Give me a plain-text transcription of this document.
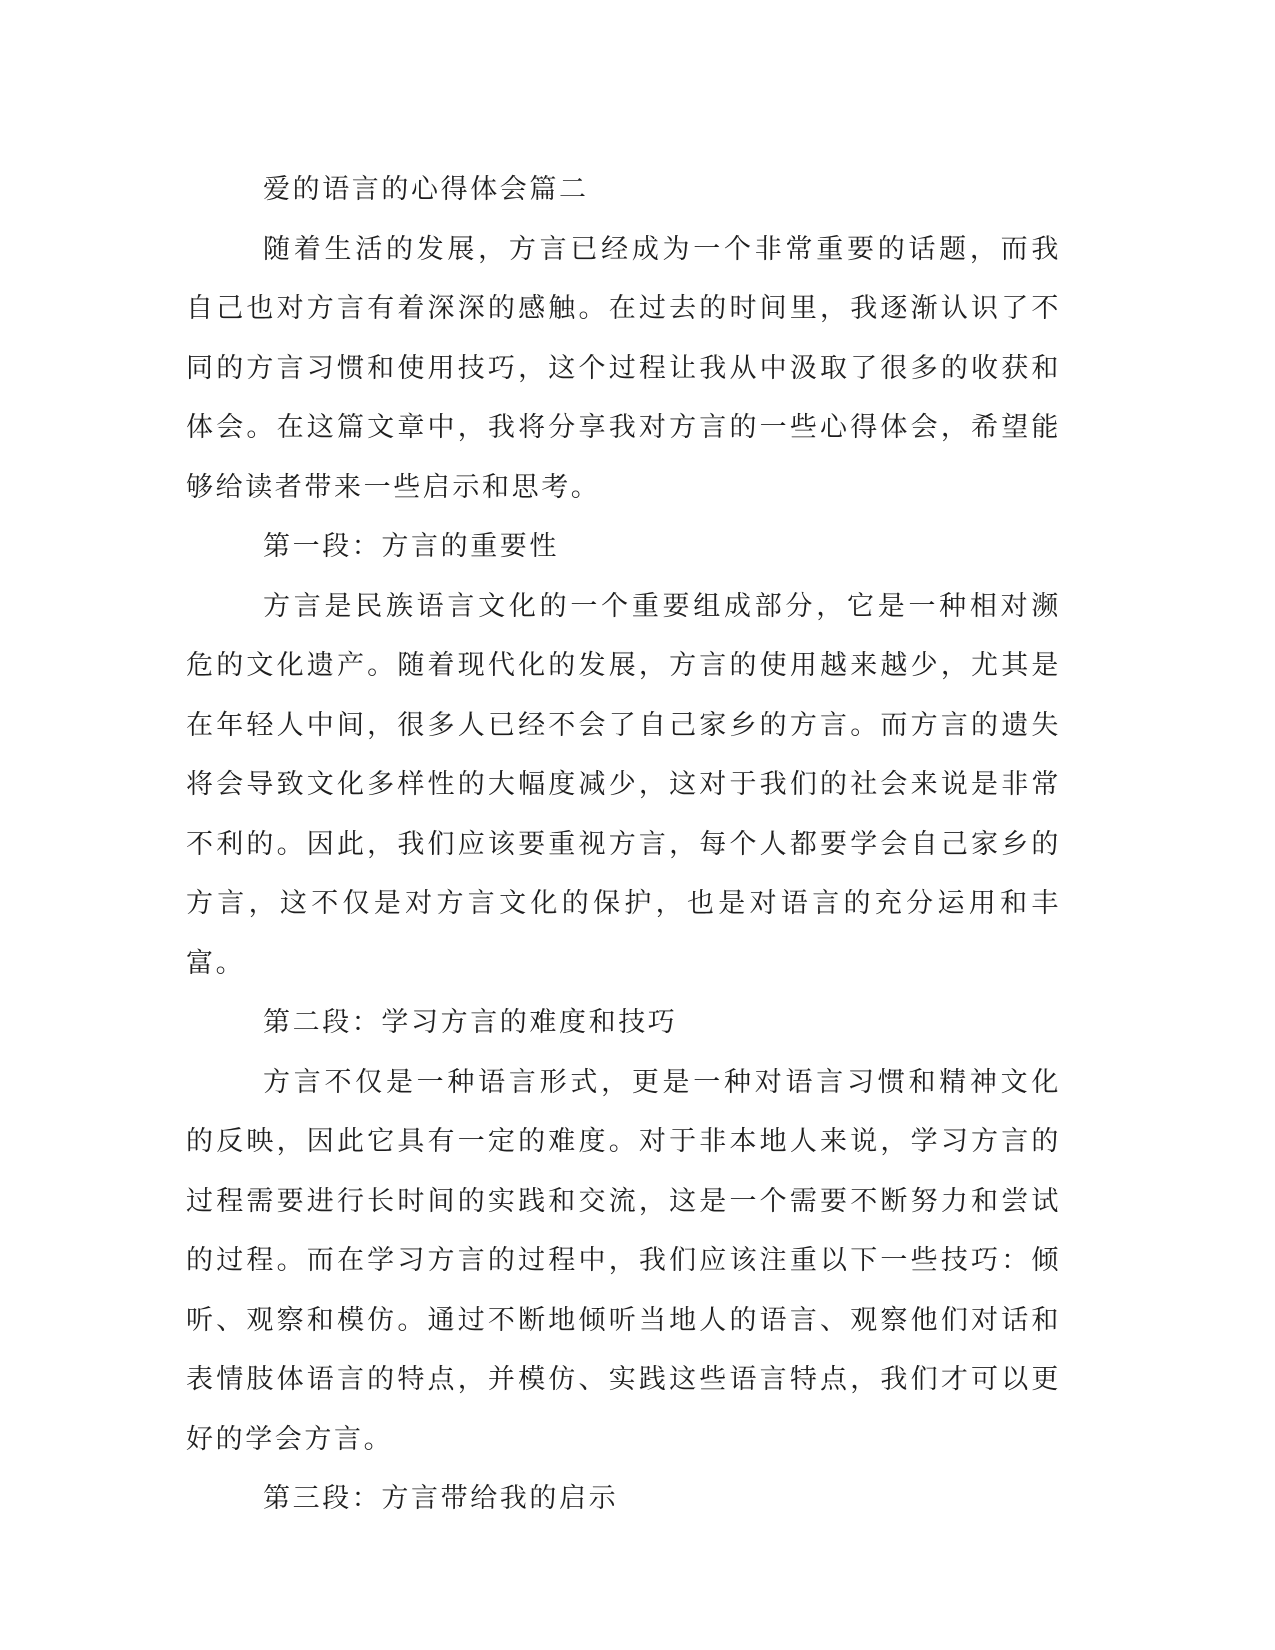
爱的语言的心得体会篇二

随着生活的发展，方言已经成为一个非常重要的话题，而我自己也对方言有着深深的感触。在过去的时间里，我逐渐认识了不同的方言习惯和使用技巧，这个过程让我从中汲取了很多的收获和体会。在这篇文章中，我将分享我对方言的一些心得体会，希望能够给读者带来一些启示和思考。

第一段：方言的重要性

方言是民族语言文化的一个重要组成部分，它是一种相对濒危的文化遗产。随着现代化的发展，方言的使用越来越少，尤其是在年轻人中间，很多人已经不会了自己家乡的方言。而方言的遗失将会导致文化多样性的大幅度减少，这对于我们的社会来说是非常不利的。因此，我们应该要重视方言，每个人都要学会自己家乡的方言，这不仅是对方言文化的保护，也是对语言的充分运用和丰富。

第二段：学习方言的难度和技巧

方言不仅是一种语言形式，更是一种对语言习惯和精神文化的反映，因此它具有一定的难度。对于非本地人来说，学习方言的过程需要进行长时间的实践和交流，这是一个需要不断努力和尝试的过程。而在学习方言的过程中，我们应该注重以下一些技巧：倾听、观察和模仿。通过不断地倾听当地人的语言、观察他们对话和表情肢体语言的特点，并模仿、实践这些语言特点，我们才可以更好的学会方言。

第三段：方言带给我的启示
